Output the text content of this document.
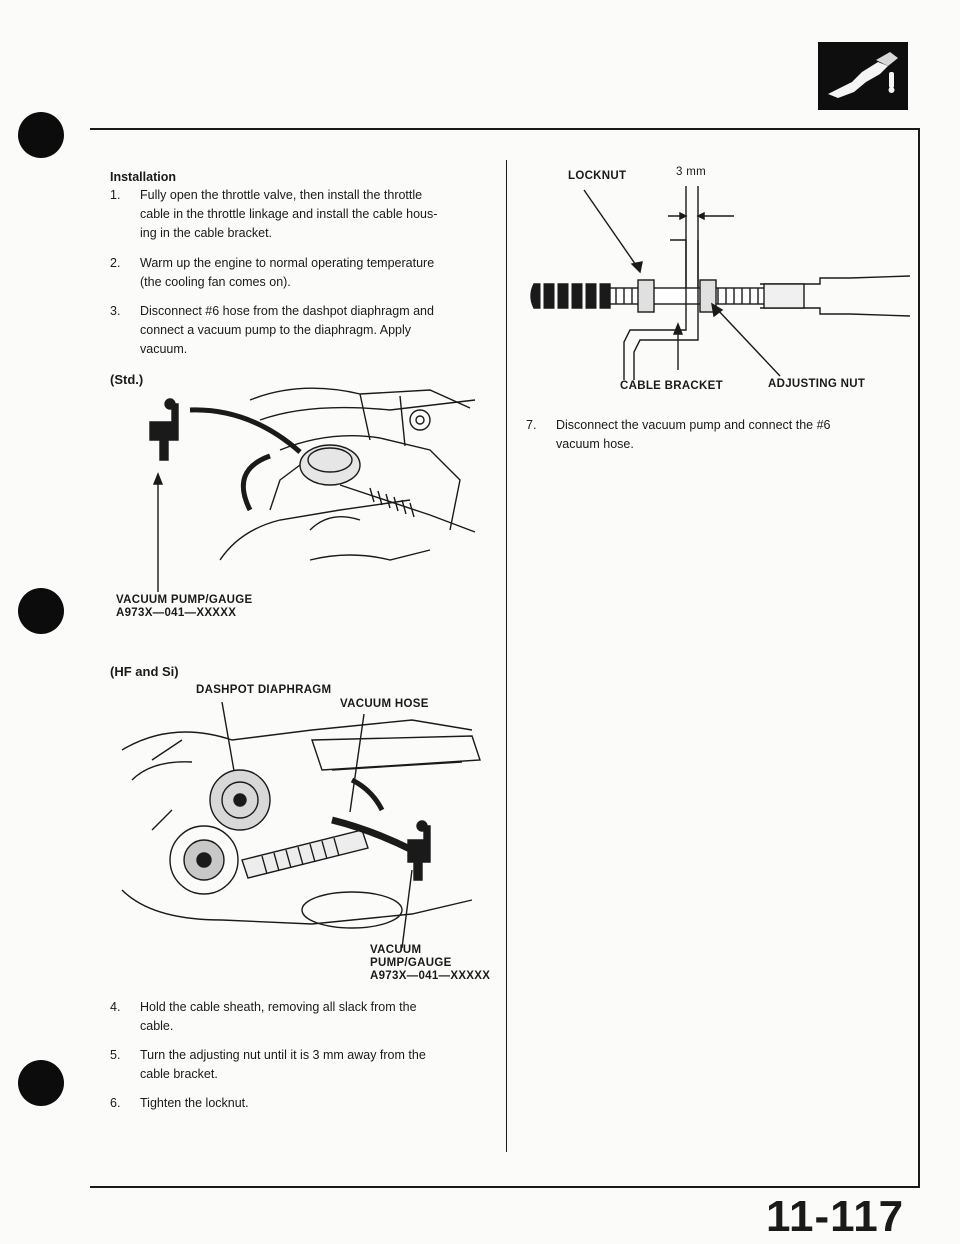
Installation
1.	Fully open the throttle valve, then install the throttle
cable in the throttle linkage and install the cable hous-
ing in the cable bracket.
2.	Warm up the engine to normal operating temperature
(the cooling fan comes on).
3.	Disconnect #6 hose from the dashpot diaphragm and
connect a vacuum pump to the diaphragm. Apply
vacuum.
(Std.)
VACUUM PUMP/GAUGE
A973X—041—XXXXX
(HF and Si)
DASHPOT DIAPHRAGM
VACUUM HOSE
VACUUM
PUMP/GAUGE
A973X—041—XXXXX
4.	Hold the cable sheath, removing all slack from the
cable.
5.	Turn the adjusting nut until it is 3 mm away from the
cable bracket.
6.	Tighten the locknut.
LOCKNUT	3 mm
CABLE BRACKET	ADJUSTING NUT
7.	Disconnect the vacuum pump and connect the #6
vacuum hose.
11-117
